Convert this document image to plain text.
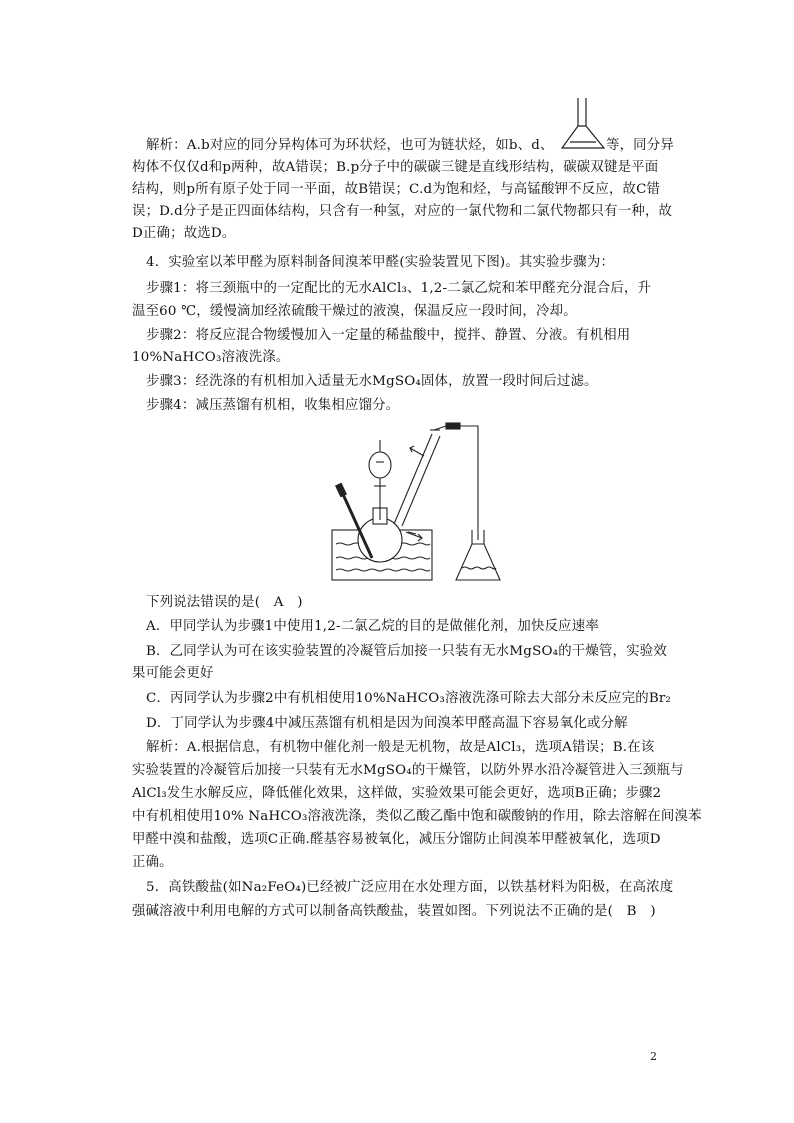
解析：A.b对应的同分异构体可为环状烃，也可为链状烃，如b、d、	等，同分异
构体不仅仅d和p两种，故A错误；B.p分子中的碳碳三键是直线形结构，碳碳双键是平面
结构，则p所有原子处于同一平面，故B错误；C.d为饱和烃，与高锰酸钾不反应，故C错
误；D.d分子是正四面体结构，只含有一种氢，对应的一氯代物和二氯代物都只有一种，故
D正确；故选D。
4．实验室以苯甲醛为原料制备间溴苯甲醛(实验装置见下图)。其实验步骤为：
步骤1：将三颈瓶中的一定配比的无水AlCl₃、1,2-二氯乙烷和苯甲醛充分混合后，升
温至60 ℃，缓慢滴加经浓硫酸干燥过的液溴，保温反应一段时间，冷却。
步骤2：将反应混合物缓慢加入一定量的稀盐酸中，搅拌、静置、分液。有机相用
10%NaHCO₃溶液洗涤。
步骤3：经洗涤的有机相加入适量无水MgSO₄固体，放置一段时间后过滤。
步骤4：减压蒸馏有机相，收集相应馏分。
下列说法错误的是(　A　)
A．甲同学认为步骤1中使用1,2-二氯乙烷的目的是做催化剂，加快反应速率
B．乙同学认为可在该实验装置的冷凝管后加接一只装有无水MgSO₄的干燥管，实验效
果可能会更好
C．丙同学认为步骤2中有机相使用10%NaHCO₃溶液洗涤可除去大部分未反应完的Br₂
D．丁同学认为步骤4中减压蒸馏有机相是因为间溴苯甲醛高温下容易氧化或分解
解析：A.根据信息，有机物中催化剂一般是无机物，故是AlCl₃，选项A错误；B.在该
实验装置的冷凝管后加接一只装有无水MgSO₄的干燥管，以防外界水沿冷凝管进入三颈瓶与
AlCl₃发生水解反应，降低催化效果，这样做，实验效果可能会更好，选项B正确；步骤2
中有机相使用10% NaHCO₃溶液洗涤，类似乙酸乙酯中饱和碳酸钠的作用，除去溶解在间溴苯
甲醛中溴和盐酸，选项C正确.醛基容易被氧化，减压分馏防止间溴苯甲醛被氧化，选项D
正确。
5．高铁酸盐(如Na₂FeO₄)已经被广泛应用在水处理方面，以铁基材料为阳极，在高浓度
强碱溶液中利用电解的方式可以制备高铁酸盐，装置如图。下列说法不正确的是(　B　)
2
